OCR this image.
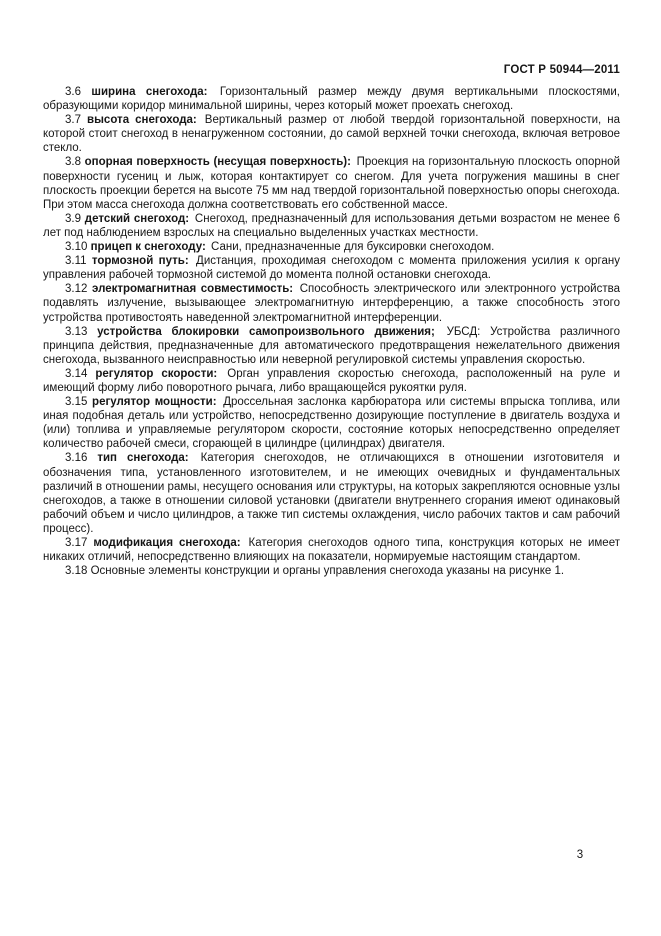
ГОСТ Р 50944—2011

3.6 ширина снегохода: Горизонтальный размер между двумя вертикальными плоскостями, образующими коридор минимальной ширины, через который может проехать снегоход.

3.7 высота снегохода: Вертикальный размер от любой твердой горизонтальной поверхности, на которой стоит снегоход в ненагруженном состоянии, до самой верхней точки снегохода, включая ветровое стекло.

3.8 опорная поверхность (несущая поверхность): Проекция на горизонтальную плоскость опорной поверхности гусениц и лыж, которая контактирует со снегом. Для учета погружения машины в снег плоскость проекции берется на высоте 75 мм над твердой горизонтальной поверхностью опоры снегохода. При этом масса снегохода должна соответствовать его собственной массе.

3.9 детский снегоход: Снегоход, предназначенный для использования детьми возрастом не менее 6 лет под наблюдением взрослых на специально выделенных участках местности.

3.10 прицеп к снегоходу: Сани, предназначенные для буксировки снегоходом.

3.11 тормозной путь: Дистанция, проходимая снегоходом с момента приложения усилия к органу управления рабочей тормозной системой до момента полной остановки снегохода.

3.12 электромагнитная совместимость: Способность электрического или электронного устройства подавлять излучение, вызывающее электромагнитную интерференцию, а также способность этого устройства противостоять наведенной электромагнитной интерференции.

3.13 устройства блокировки самопроизвольного движения; УБСД: Устройства различного принципа действия, предназначенные для автоматического предотвращения нежелательного движения снегохода, вызванного неисправностью или неверной регулировкой системы управления скоростью.

3.14 регулятор скорости: Орган управления скоростью снегохода, расположенный на руле и имеющий форму либо поворотного рычага, либо вращающейся рукоятки руля.

3.15 регулятор мощности: Дроссельная заслонка карбюратора или системы впрыска топлива, или иная подобная деталь или устройство, непосредственно дозирующие поступление в двигатель воздуха и (или) топлива и управляемые регулятором скорости, состояние которых непосредственно определяет количество рабочей смеси, сгорающей в цилиндре (цилиндрах) двигателя.

3.16 тип снегохода: Категория снегоходов, не отличающихся в отношении изготовителя и обозначения типа, установленного изготовителем, и не имеющих очевидных и фундаментальных различий в отношении рамы, несущего основания или структуры, на которых закрепляются основные узлы снегоходов, а также в отношении силовой установки (двигатели внутреннего сгорания имеют одинаковый рабочий объем и число цилиндров, а также тип системы охлаждения, число рабочих тактов и сам рабочий процесс).

3.17 модификация снегохода: Категория снегоходов одного типа, конструкция которых не имеет никаких отличий, непосредственно влияющих на показатели, нормируемые настоящим стандартом.

3.18 Основные элементы конструкции и органы управления снегохода указаны на рисунке 1.

3
